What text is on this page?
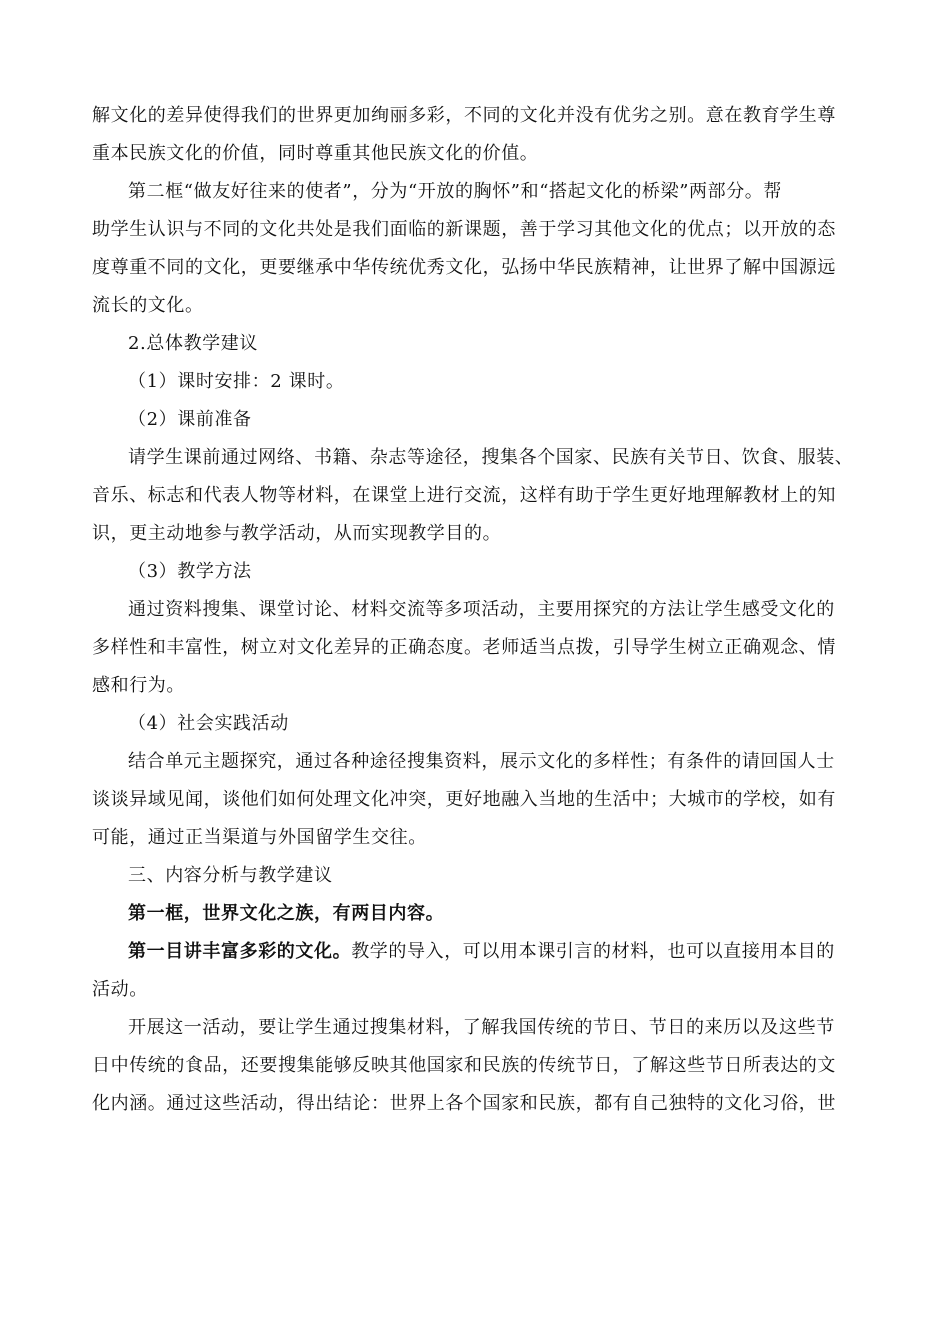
解文化的差异使得我们的世界更加绚丽多彩，不同的文化并没有优劣之别。意在教育学生尊
重本民族文化的价值，同时尊重其他民族文化的价值。

第二框“做友好往来的使者”，分为“开放的胸怀”和“搭起文化的桥梁”两部分。帮
助学生认识与不同的文化共处是我们面临的新课题，善于学习其他文化的优点；以开放的态
度尊重不同的文化，更要继承中华传统优秀文化，弘扬中华民族精神，让世界了解中国源远
流长的文化。

2.总体教学建议

（1）课时安排：2 课时。

（2）课前准备

请学生课前通过网络、书籍、杂志等途径，搜集各个国家、民族有关节日、饮食、服装、
音乐、标志和代表人物等材料，在课堂上进行交流，这样有助于学生更好地理解教材上的知
识，更主动地参与教学活动，从而实现教学目的。

（3）教学方法

通过资料搜集、课堂讨论、材料交流等多项活动，主要用探究的方法让学生感受文化的
多样性和丰富性，树立对文化差异的正确态度。老师适当点拨，引导学生树立正确观念、情
感和行为。

（4）社会实践活动

结合单元主题探究，通过各种途径搜集资料，展示文化的多样性；有条件的请回国人士
谈谈异域见闻，谈他们如何处理文化冲突，更好地融入当地的生活中；大城市的学校，如有
可能，通过正当渠道与外国留学生交往。

三、内容分析与教学建议

第一框，世界文化之族，有两目内容。

第一目讲丰富多彩的文化。教学的导入，可以用本课引言的材料，也可以直接用本目的
活动。

开展这一活动，要让学生通过搜集材料，了解我国传统的节日、节日的来历以及这些节
日中传统的食品，还要搜集能够反映其他国家和民族的传统节日，了解这些节日所表达的文
化内涵。通过这些活动，得出结论：世界上各个国家和民族，都有自己独特的文化习俗，世
